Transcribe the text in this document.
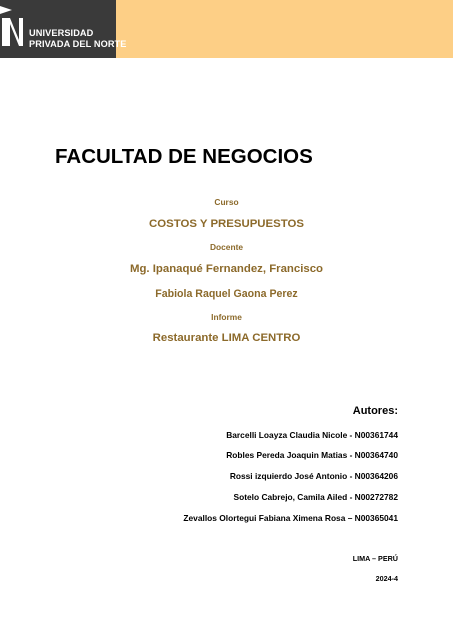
UNIVERSIDAD
PRIVADA DEL NORTE
FACULTAD DE NEGOCIOS
Curso
COSTOS Y PRESUPUESTOS
Docente
Mg. Ipanaqué Fernandez, Francisco
Fabiola Raquel Gaona Perez
Informe
Restaurante LIMA CENTRO
Autores:
Barcelli Loayza Claudia Nicole - N00361744
Robles Pereda Joaquin Matias - N00364740
Rossi izquierdo José Antonio - N00364206
Sotelo Cabrejo, Camila Ailed - N00272782
Zevallos Olortegui Fabiana Ximena Rosa – N00365041
LIMA – PERÚ
2024-4
